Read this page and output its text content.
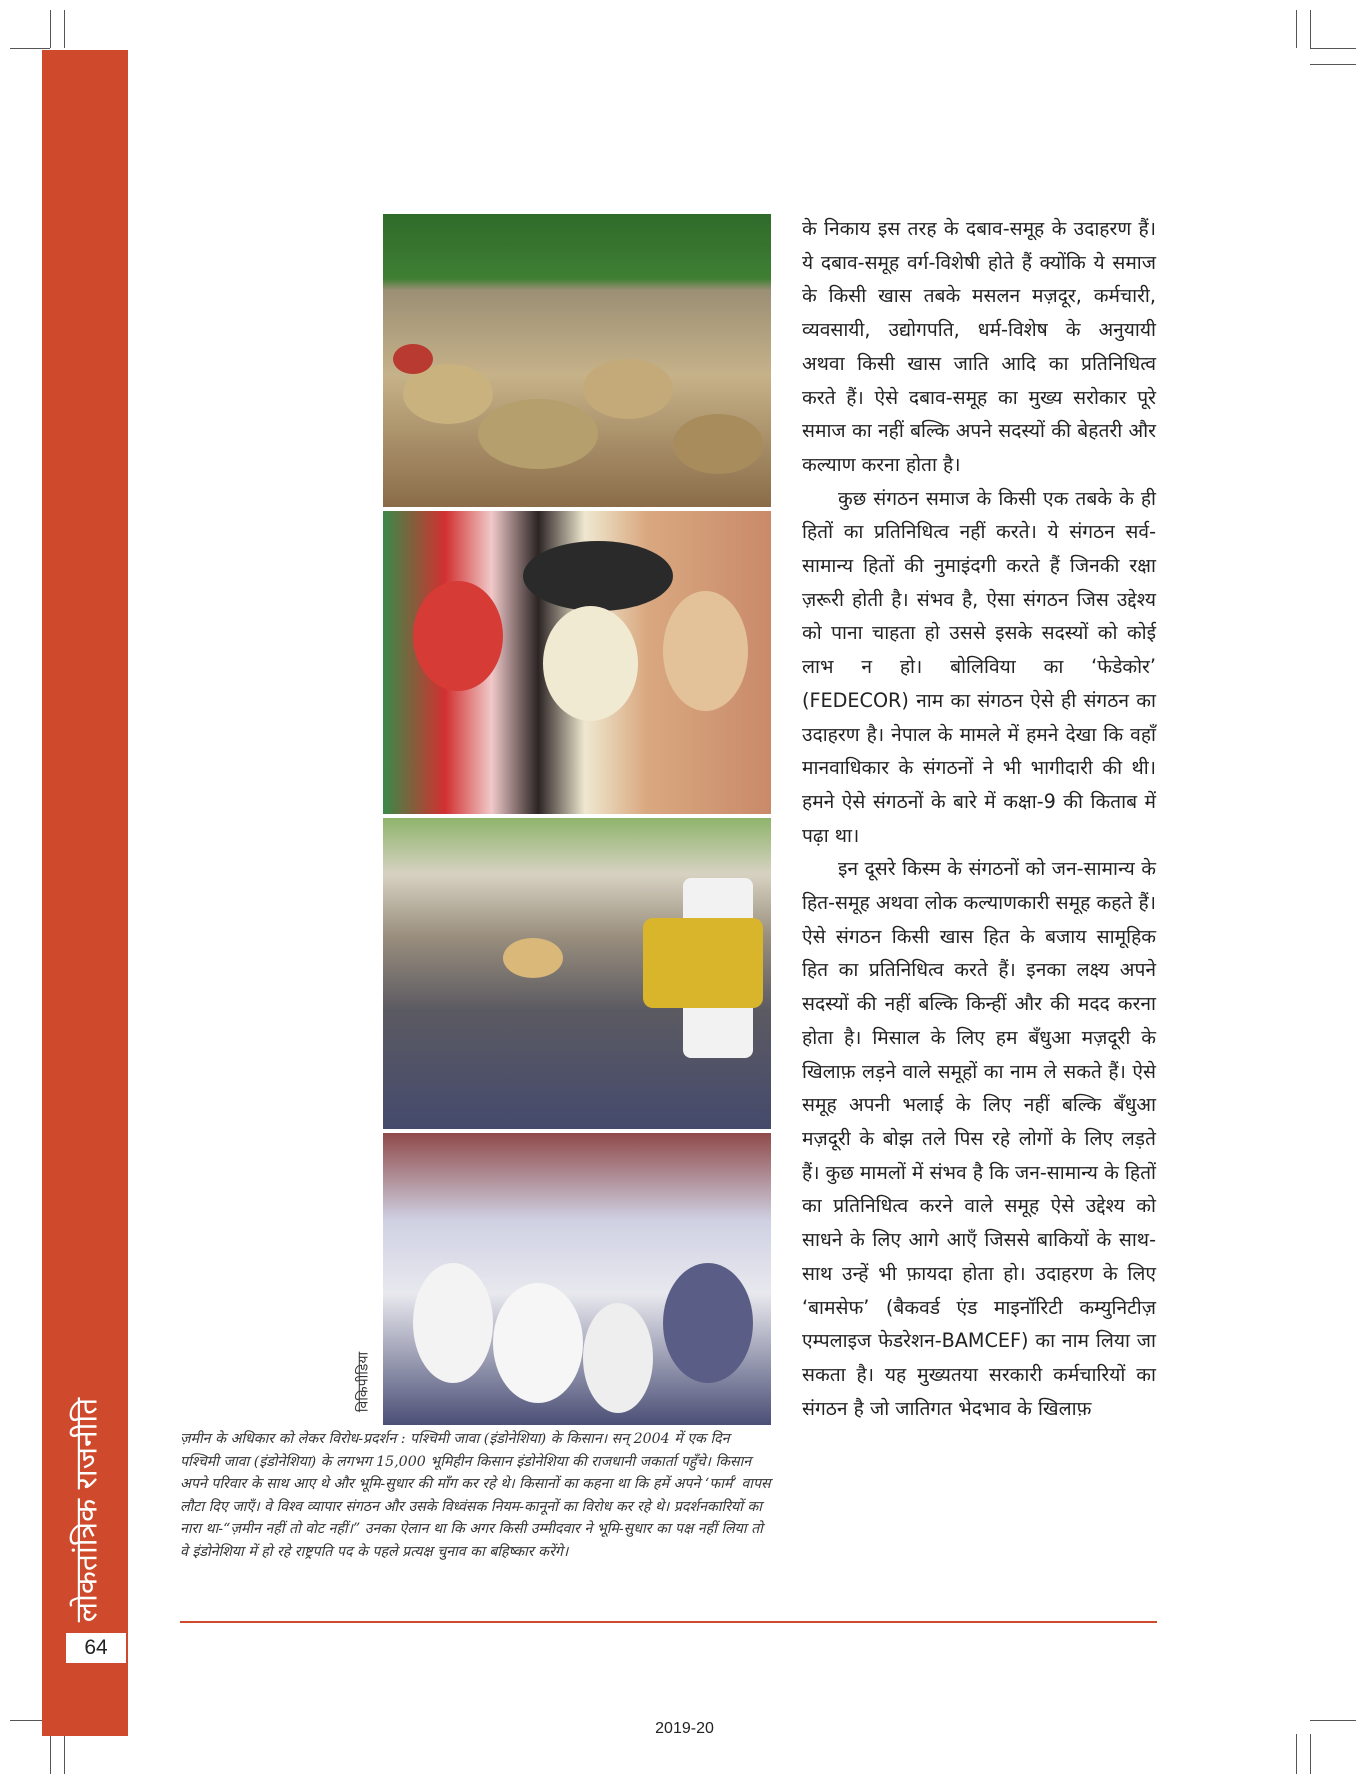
लोकतांत्रिक राजनीति
64
विकिपीडिया

ज़मीन के अधिकार को लेकर विरोध-प्रदर्शन : पश्चिमी जावा (इंडोनेशिया) के किसान। सन् 2004 में एक दिन पश्चिमी जावा (इंडोनेशिया) के लगभग 15,000 भूमिहीन किसान इंडोनेशिया की राजधानी जकार्ता पहुँचे। किसान अपने परिवार के साथ आए थे और भूमि-सुधार की माँग कर रहे थे। किसानों का कहना था कि हमें अपने ‘फार्म’ वापस लौटा दिए जाएँ। वे विश्व व्यापार संगठन और उसके विध्वंसक नियम-कानूनों का विरोध कर रहे थे। प्रदर्शनकारियों का नारा था-“ज़मीन नहीं तो वोट नहीं।” उनका ऐलान था कि अगर किसी उम्मीदवार ने भूमि-सुधार का पक्ष नहीं लिया तो वे इंडोनेशिया में हो रहे राष्ट्रपति पद के पहले प्रत्यक्ष चुनाव का बहिष्कार करेंगे।

के निकाय इस तरह के दबाव-समूह के उदाहरण हैं। ये दबाव-समूह वर्ग-विशेषी होते हैं क्योंकि ये समाज के किसी खास तबके मसलन मज़दूर, कर्मचारी, व्यवसायी, उद्योगपति, धर्म-विशेष के अनुयायी अथवा किसी खास जाति आदि का प्रतिनिधित्व करते हैं। ऐसे दबाव-समूह का मुख्य सरोकार पूरे समाज का नहीं बल्कि अपने सदस्यों की बेहतरी और कल्याण करना होता है।

कुछ संगठन समाज के किसी एक तबके के ही हितों का प्रतिनिधित्व नहीं करते। ये संगठन सर्व-सामान्य हितों की नुमाइंदगी करते हैं जिनकी रक्षा ज़रूरी होती है। संभव है, ऐसा संगठन जिस उद्देश्य को पाना चाहता हो उससे इसके सदस्यों को कोई लाभ न हो। बोलिविया का ‘फेडेकोर’ (FEDECOR) नाम का संगठन ऐसे ही संगठन का उदाहरण है। नेपाल के मामले में हमने देखा कि वहाँ मानवाधिकार के संगठनों ने भी भागीदारी की थी। हमने ऐसे संगठनों के बारे में कक्षा-9 की किताब में पढ़ा था।

इन दूसरे किस्म के संगठनों को जन-सामान्य के हित-समूह अथवा लोक कल्याणकारी समूह कहते हैं। ऐसे संगठन किसी खास हित के बजाय सामूहिक हित का प्रतिनिधित्व करते हैं। इनका लक्ष्य अपने सदस्यों की नहीं बल्कि किन्हीं और की मदद करना होता है। मिसाल के लिए हम बँधुआ मज़दूरी के खिलाफ़ लड़ने वाले समूहों का नाम ले सकते हैं। ऐसे समूह अपनी भलाई के लिए नहीं बल्कि बँधुआ मज़दूरी के बोझ तले पिस रहे लोगों के लिए लड़ते हैं। कुछ मामलों में संभव है कि जन-सामान्य के हितों का प्रतिनिधित्व करने वाले समूह ऐसे उद्देश्य को साधने के लिए आगे आएँ जिससे बाकियों के साथ-साथ उन्हें भी फ़ायदा होता हो। उदाहरण के लिए ‘बामसेफ’ (बैकवर्ड एंड माइनॉरिटी कम्युनिटीज़ एम्पलाइज फेडरेशन-BAMCEF) का नाम लिया जा सकता है। यह मुख्यतया सरकारी कर्मचारियों का संगठन है जो जातिगत भेदभाव के खिलाफ़

2019-20
